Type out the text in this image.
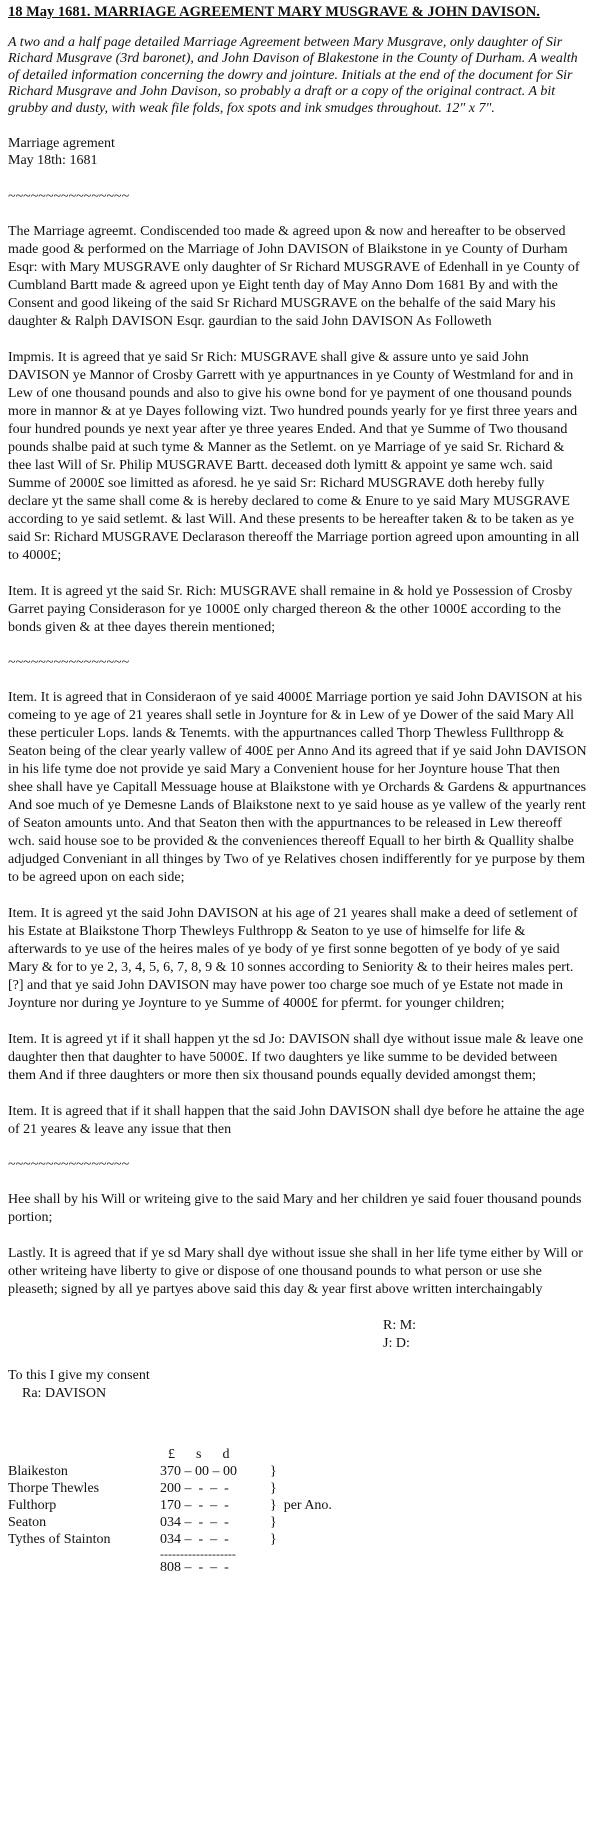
18 May 1681. MARRIAGE AGREEMENT MARY MUSGRAVE & JOHN DAVISON.
A two and a half page detailed Marriage Agreement between Mary Musgrave, only daughter of Sir Richard Musgrave (3rd baronet), and John Davison of Blakestone in the County of Durham. A wealth of detailed information concerning the dowry and jointure. Initials at the end of the document for Sir Richard Musgrave and John Davison, so probably a draft or a copy of the original contract. A bit grubby and dusty, with weak file folds, fox spots and ink smudges throughout. 12" x 7".
Marriage agrement
May 18th: 1681
~~~~~~~~~~~~~~~~

The Marriage agreemt. Condiscended too made & agreed upon & now and hereafter to be observed made good & performed on the Marriage of John DAVISON of Blaikstone in ye County of Durham Esqr: with Mary MUSGRAVE only daughter of Sr Richard MUSGRAVE of Edenhall in ye County of Cumbland Bartt made & agreed upon ye Eight tenth day of May Anno Dom 1681 By and with the Consent and good likeing of the said Sr Richard MUSGRAVE on the behalfe of the said Mary his daughter & Ralph DAVISON Esqr. gaurdian to the said John DAVISON As Followeth

Impmis. It is agreed that ye said Sr Rich: MUSGRAVE shall give & assure unto ye said John DAVISON ye Mannor of Crosby Garrett with ye appurtnances in ye County of Westmland for and in Lew of one thousand pounds and also to give his owne bond for ye payment of one thousand pounds more in mannor & at ye Dayes following vizt. Two hundred pounds yearly for ye first three years and four hundred pounds ye next year after ye three yeares Ended. And that ye Summe of Two thousand pounds shalbe paid at such tyme & Manner as the Setlemt. on ye Marriage of ye said Sr. Richard & thee last Will of Sr. Philip MUSGRAVE Bartt. deceased doth lymitt & appoint ye same wch. said Summe of 2000£ soe limitted as aforesd. he ye said Sr: Richard MUSGRAVE doth hereby fully declare yt the same shall come & is hereby declared to come & Enure to ye said Mary MUSGRAVE according to ye said setlemt. & last Will. And these presents to be hereafter taken & to be taken as ye said Sr: Richard MUSGRAVE Declarason thereoff the Marriage portion agreed upon amounting in all to 4000£;

Item. It is agreed yt the said Sr. Rich: MUSGRAVE shall remaine in & hold ye Possession of Crosby Garret paying Considerason for ye 1000£ only charged thereon & the other 1000£ according to the bonds given & at thee dayes therein mentioned;

~~~~~~~~~~~~~~~~

Item. It is agreed that in Consideraon of ye said 4000£ Marriage portion ye said John DAVISON at his comeing to ye age of 21 yeares shall setle in Joynture for & in Lew of ye Dower of the said Mary All these perticuler Lops. lands & Tenemts. with the appurtnances called Thorp Thewless Fullthropp & Seaton being of the clear yearly vallew of 400£ per Anno And its agreed that if ye said John DAVISON in his life tyme doe not provide ye said Mary a Convenient house for her Joynture house That then shee shall have ye Capitall Messuage house at Blaikstone with ye Orchards & Gardens & appurtnances And soe much of ye Demesne Lands of Blaikstone next to ye said house as ye vallew of the yearly rent of Seaton amounts unto. And that Seaton then with the appurtnances to be released in Lew thereoff wch. said house soe to be provided & the conveniences thereoff Equall to her birth & Quallity shalbe adjudged Conveniant in all thinges by Two of ye Relatives chosen indifferently for ye purpose by them to be agreed upon on each side;

Item. It is agreed yt the said John DAVISON at his age of 21 yeares shall make a deed of setlement of his Estate at Blaikstone Thorp Thewleys Fulthropp & Seaton to ye use of himselfe for life & afterwards to ye use of the heires males of ye body of ye first sonne begotten of ye body of ye said Mary & for to ye 2, 3, 4, 5, 6, 7, 8, 9 & 10 sonnes according to Seniority & to their heires males pert. [?] and that ye said John DAVISON may have power too charge soe much of ye Estate not made in Joynture nor during ye Joynture to ye Summe of 4000£ for pfermt. for younger children;

Item. It is agreed yt if it shall happen yt the sd Jo: DAVISON shall dye without issue male & leave one daughter then that daughter to have 5000£. If two daughters ye like summe to be devided between them And if three daughters or more then six thousand pounds equally devided amongst them;

Item. It is agreed that if it shall happen that the said John DAVISON shall dye before he attaine the age of 21 yeares & leave any issue that then

~~~~~~~~~~~~~~~~

Hee shall by his Will or writeing give to the said Mary and her children ye said fouer thousand pounds portion;

Lastly. It is agreed that if ye sd Mary shall dye without issue she shall in her life tyme either by Will or other writeing have liberty to give or dispose of one thousand pounds to what person or use she pleaseth; signed by all ye partyes above said this day & year first above written interchaingably

R: M:
J: D:
To this I give my consent
Ra: DAVISON
£      s      d
Blaikeston	370 – 00 – 00	}
Thorpe Thewles	200 –  -  –  -	}
Fulthorp	170 –  -  –  -	}  per Ano.
Seaton	034 –  -  –  -	}
Tythes of Stainton	034 –  -  –  -	}
-------------------
808 –  -  –  -
